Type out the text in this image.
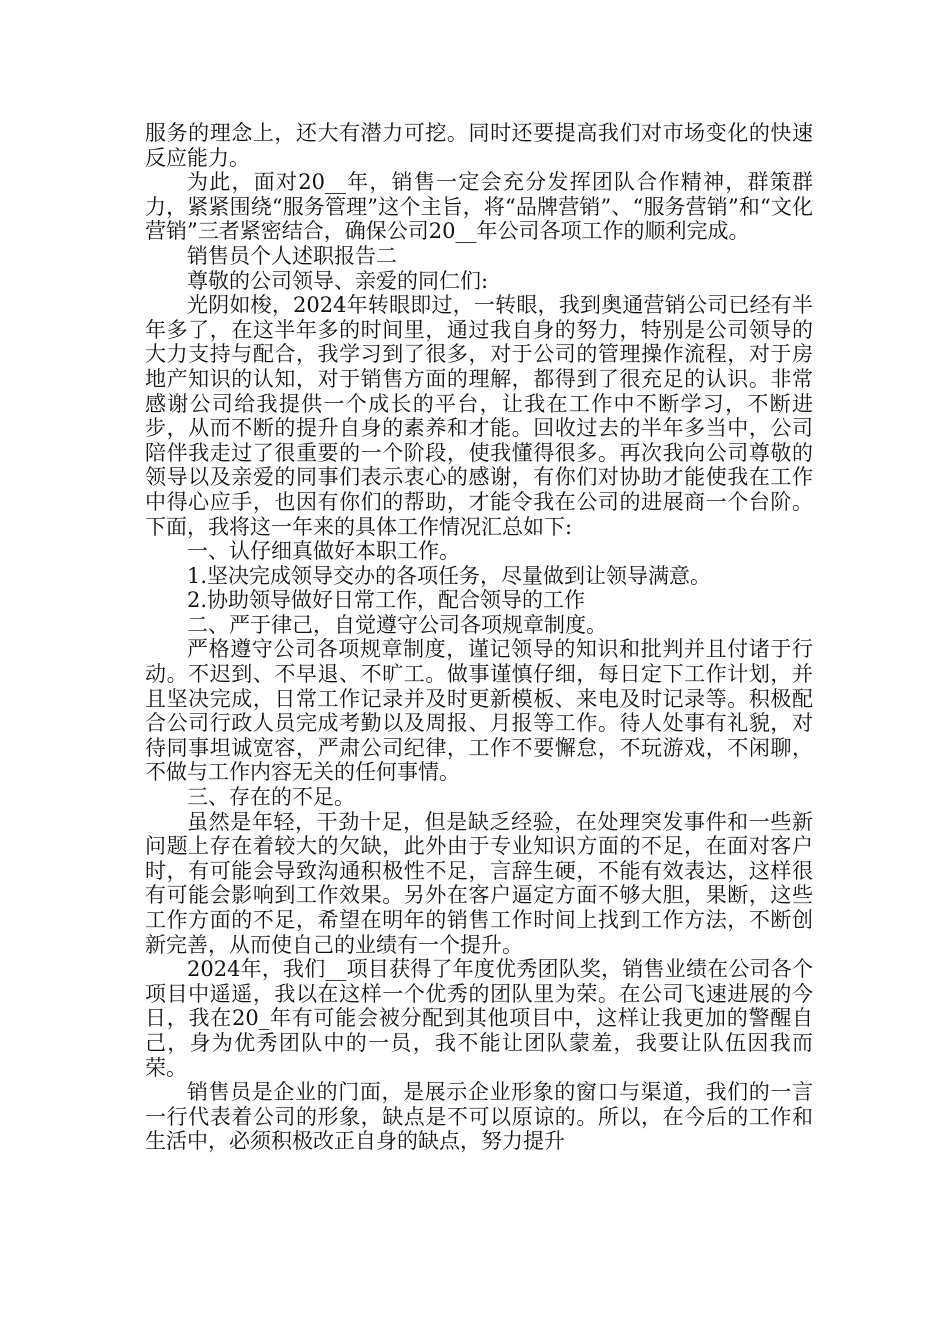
服务的理念上，还大有潜力可挖。同时还要提高我们对市场变化的快速反应能力。

为此，面对20__年，销售一定会充分发挥团队合作精神，群策群力，紧紧围绕“服务管理”这个主旨，将“品牌营销”、“服务营销”和“文化营销”三者紧密结合，确保公司20__年公司各项工作的顺利完成。

销售员个人述职报告二

尊敬的公司领导、亲爱的同仁们:

光阴如梭，2024年转眼即过，一转眼，我到奥通营销公司已经有半年多了，在这半年多的时间里，通过我自身的努力，特别是公司领导的大力支持与配合，我学习到了很多，对于公司的管理操作流程，对于房地产知识的认知，对于销售方面的理解，都得到了很充足的认识。非常感谢公司给我提供一个成长的平台，让我在工作中不断学习，不断进步，从而不断的提升自身的素养和才能。回收过去的半年多当中，公司陪伴我走过了很重要的一个阶段，使我懂得很多。再次我向公司尊敬的领导以及亲爱的同事们表示衷心的感谢，有你们对协助才能使我在工作中得心应手，也因有你们的帮助，才能令我在公司的进展商一个台阶。下面，我将这一年来的具体工作情况汇总如下:

一、认仔细真做好本职工作。

1.坚决完成领导交办的各项任务，尽量做到让领导满意。

2.协助领导做好日常工作，配合领导的工作

二、严于律己，自觉遵守公司各项规章制度。

严格遵守公司各项规章制度，谨记领导的知识和批判并且付诸于行动。不迟到、不早退、不旷工。做事谨慎仔细，每日定下工作计划，并且坚决完成，日常工作记录并及时更新模板、来电及时记录等。积极配合公司行政人员完成考勤以及周报、月报等工作。待人处事有礼貌，对待同事坦诚宽容，严肃公司纪律，工作不要懈怠，不玩游戏，不闲聊，不做与工作内容无关的任何事情。

三、存在的不足。

虽然是年轻，干劲十足，但是缺乏经验，在处理突发事件和一些新问题上存在着较大的欠缺，此外由于专业知识方面的不足，在面对客户时，有可能会导致沟通积极性不足，言辞生硬，不能有效表达，这样很有可能会影响到工作效果。另外在客户逼定方面不够大胆，果断，这些工作方面的不足，希望在明年的销售工作时间上找到工作方法，不断创新完善，从而使自己的业绩有一个提升。

2024年，我们__项目获得了年度优秀团队奖，销售业绩在公司各个项目中遥遥，我以在这样一个优秀的团队里为荣。在公司飞速进展的今日，我在20_年有可能会被分配到其他项目中，这样让我更加的警醒自己，身为优秀团队中的一员，我不能让团队蒙羞，我要让队伍因我而荣。

销售员是企业的门面，是展示企业形象的窗口与渠道，我们的一言一行代表着公司的形象，缺点是不可以原谅的。所以，在今后的工作和生活中，必须积极改正自身的缺点，努力提升
